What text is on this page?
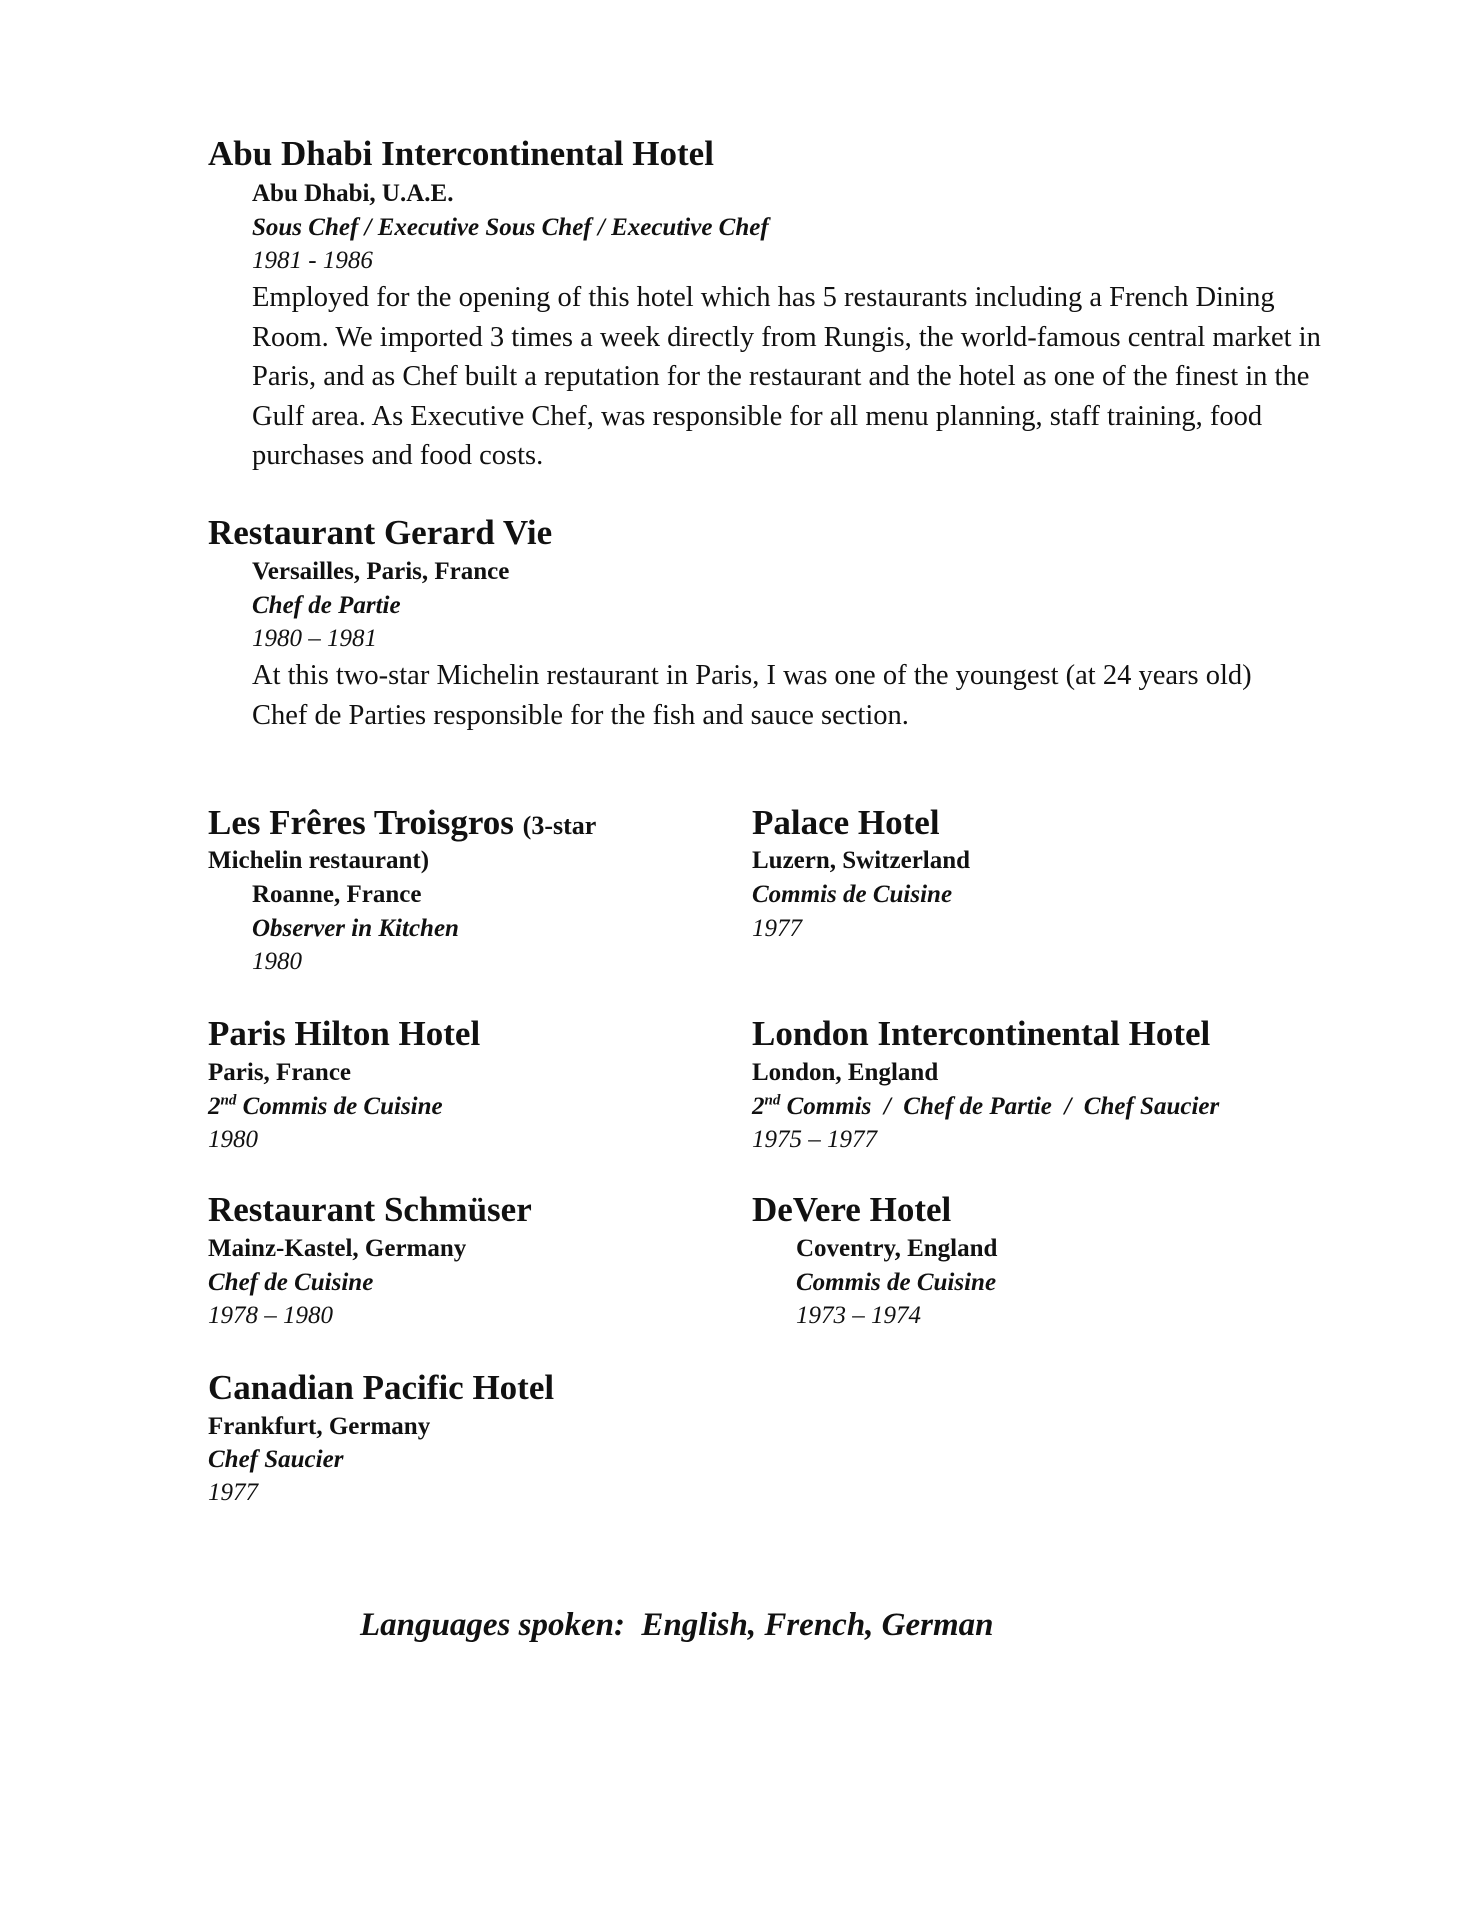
Abu Dhabi Intercontinental Hotel
Abu Dhabi, U.A.E.
Sous Chef / Executive Sous Chef / Executive Chef
1981 - 1986
Employed for the opening of this hotel which has 5 restaurants including a French Dining Room. We imported 3 times a week directly from Rungis, the world-famous central market in Paris, and as Chef built a reputation for the restaurant and the hotel as one of the finest in the Gulf area. As Executive Chef, was responsible for all menu planning, staff training, food purchases and food costs.
Restaurant Gerard Vie
Versailles, Paris, France
Chef de Partie
1980 – 1981
At this two-star Michelin restaurant in Paris, I was one of the youngest (at 24 years old) Chef de Parties responsible for the fish and sauce section.
Les Frêres Troisgros (3-star
Michelin restaurant)
Roanne, France
Observer in Kitchen
1980
Paris Hilton Hotel
Paris, France
2nd Commis de Cuisine
1980
Restaurant Schmüser
Mainz-Kastel, Germany
Chef de Cuisine
1978 – 1980
Canadian Pacific Hotel
Frankfurt, Germany
Chef Saucier
1977
Palace Hotel
Luzern, Switzerland
Commis de Cuisine
1977
London Intercontinental Hotel
London, England
2nd Commis  /  Chef de Partie  /  Chef Saucier
1975 – 1977
DeVere Hotel
Coventry, England
Commis de Cuisine
1973 – 1974
Languages spoken:  English, French, German
